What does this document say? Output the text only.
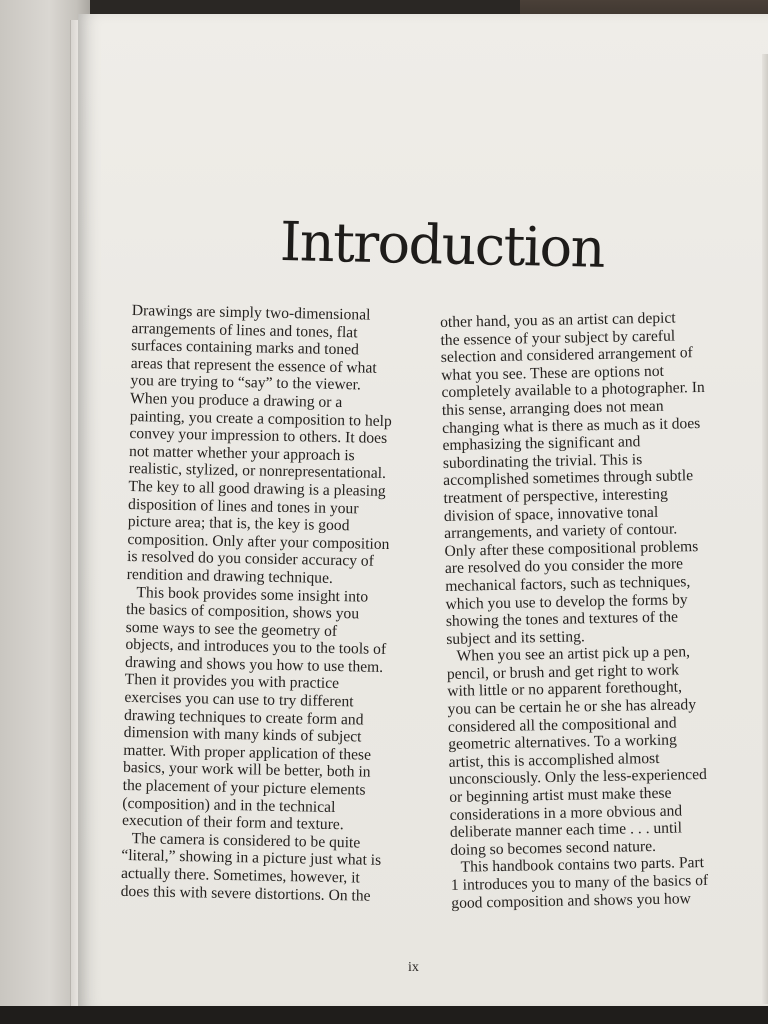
Introduction
Drawings are simply two-dimensional
arrangements of lines and tones, flat
surfaces containing marks and toned
areas that represent the essence of what
you are trying to “say” to the viewer.
When you produce a drawing or a
painting, you create a composition to help
convey your impression to others. It does
not matter whether your approach is
realistic, stylized, or nonrepresentational.
The key to all good drawing is a pleasing
disposition of lines and tones in your
picture area; that is, the key is good
composition. Only after your composition
is resolved do you consider accuracy of
rendition and drawing technique.
This book provides some insight into
the basics of composition, shows you
some ways to see the geometry of
objects, and introduces you to the tools of
drawing and shows you how to use them.
Then it provides you with practice
exercises you can use to try different
drawing techniques to create form and
dimension with many kinds of subject
matter. With proper application of these
basics, your work will be better, both in
the placement of your picture elements
(composition) and in the technical
execution of their form and texture.
The camera is considered to be quite
“literal,” showing in a picture just what is
actually there. Sometimes, however, it
does this with severe distortions. On the
other hand, you as an artist can depict
the essence of your subject by careful
selection and considered arrangement of
what you see. These are options not
completely available to a photographer. In
this sense, arranging does not mean
changing what is there as much as it does
emphasizing the significant and
subordinating the trivial. This is
accomplished sometimes through subtle
treatment of perspective, interesting
division of space, innovative tonal
arrangements, and variety of contour.
Only after these compositional problems
are resolved do you consider the more
mechanical factors, such as techniques,
which you use to develop the forms by
showing the tones and textures of the
subject and its setting.
When you see an artist pick up a pen,
pencil, or brush and get right to work
with little or no apparent forethought,
you can be certain he or she has already
considered all the compositional and
geometric alternatives. To a working
artist, this is accomplished almost
unconsciously. Only the less-experienced
or beginning artist must make these
considerations in a more obvious and
deliberate manner each time . . . until
doing so becomes second nature.
This handbook contains two parts. Part
1 introduces you to many of the basics of
good composition and shows you how
ix
